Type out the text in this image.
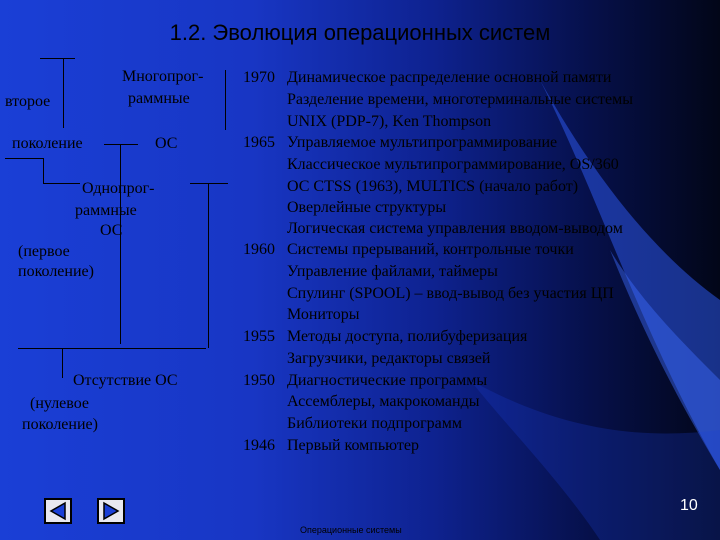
1.2. Эволюция операционных систем
второе
Многопрог-
раммные
поколение	ОС
Однопрог-
раммные
ОС
(первое
поколение)
Отсутствие ОС
(нулевое
поколение)
1970
1965
1960
1955
1950
1946
Динамическое распределение основной памяти
Разделение времени, многотерминальные системы
UNIX (PDP-7), Ken Thompson
Управляемое мультипрограммирование
Классическое мультипрограммирование, OS/360
ОС CTSS (1963), MULTICS (начало работ)
Оверлейные структуры
Логическая система управления вводом-выводом
Системы прерываний, контрольные точки
Управление файлами, таймеры
Спулинг (SPOOL) – ввод-вывод без участия ЦП
Мониторы
Методы доступа, полибуферизация
Загрузчики, редакторы связей
Диагностические программы
Ассемблеры, макрокоманды
Библиотеки подпрограмм
Первый компьютер
10
Операционные системы
